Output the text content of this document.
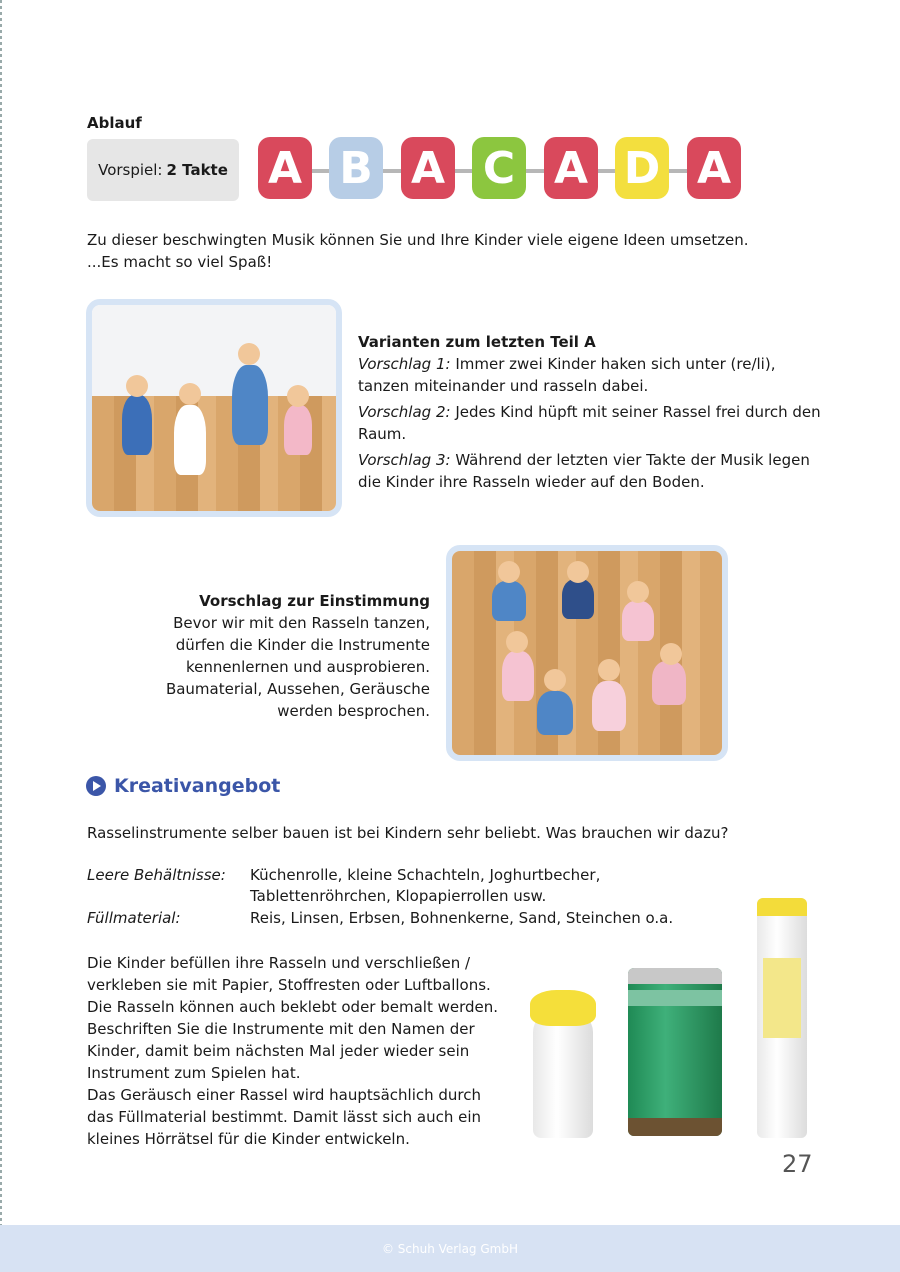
Ablauf
Vorspiel: 2 Takte A B A C A D A
Zu dieser beschwingten Musik können Sie und Ihre Kinder viele eigene Ideen umsetzen.
...Es macht so viel Spaß!
Varianten zum letzten Teil A

Vorschlag 1: Immer zwei Kinder haken sich unter (re/li), tanzen miteinander und rasseln dabei.

Vorschlag 2: Jedes Kind hüpft mit seiner Rassel frei durch den Raum.

Vorschlag 3: Während der letzten vier Takte der Musik legen die Kinder ihre Rasseln wieder auf den Boden.

Vorschlag zur Einstimmung
Bevor wir mit den Rasseln tanzen,
dürfen die Kinder die Instrumente
kennenlernen und ausprobieren.
Baumaterial, Aussehen, Geräusche
werden besprochen.
Kreativangebot
Rasselinstrumente selber bauen ist bei Kindern sehr beliebt. Was brauchen wir dazu?
Leere Behältnisse: Küchenrolle, kleine Schachteln, Joghurtbecher,
Tablettenröhrchen, Klopapierrollen usw.
Füllmaterial:	Reis, Linsen, Erbsen, Bohnenkerne, Sand, Steinchen o.a.
Die Kinder befüllen ihre Rasseln und verschließen /
verkleben sie mit Papier, Stoffresten oder Luftballons.
Die Rasseln können auch beklebt oder bemalt werden.
Beschriften Sie die Instrumente mit den Namen der
Kinder, damit beim nächsten Mal jeder wieder sein
Instrument zum Spielen hat.
Das Geräusch einer Rassel wird hauptsächlich durch
das Füllmaterial bestimmt. Damit lässt sich auch ein
kleines Hörrätsel für die Kinder entwickeln.
27
© Schuh Verlag GmbH
